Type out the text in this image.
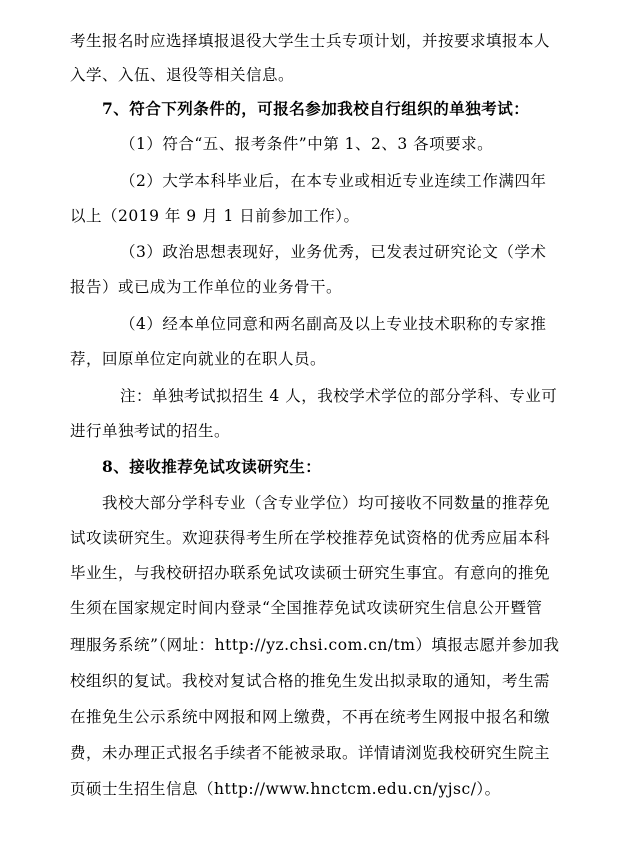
考生报名时应选择填报退役大学生士兵专项计划，并按要求填报本人
入学、入伍、退役等相关信息。
7、符合下列条件的，可报名参加我校自行组织的单独考试：
（1）符合“五、报考条件”中第 1、2、3 各项要求。
（2）大学本科毕业后，在本专业或相近专业连续工作满四年
以上（2019 年 9 月 1 日前参加工作）。
（3）政治思想表现好，业务优秀，已发表过研究论文（学术
报告）或已成为工作单位的业务骨干。
（4）经本单位同意和两名副高及以上专业技术职称的专家推
荐，回原单位定向就业的在职人员。
注：单独考试拟招生 4 人，我校学术学位的部分学科、专业可
进行单独考试的招生。
8、接收推荐免试攻读研究生：
我校大部分学科专业（含专业学位）均可接收不同数量的推荐免
试攻读研究生。欢迎获得考生所在学校推荐免试资格的优秀应届本科
毕业生，与我校研招办联系免试攻读硕士研究生事宜。有意向的推免
生须在国家规定时间内登录“全国推荐免试攻读研究生信息公开暨管
理服务系统”（网址：http://yz.chsi.com.cn/tm）填报志愿并参加我
校组织的复试。我校对复试合格的推免生发出拟录取的通知，考生需
在推免生公示系统中网报和网上缴费，不再在统考生网报中报名和缴
费，未办理正式报名手续者不能被录取。详情请浏览我校研究生院主
页硕士生招生信息（http://www.hnctcm.edu.cn/yjsc/）。
